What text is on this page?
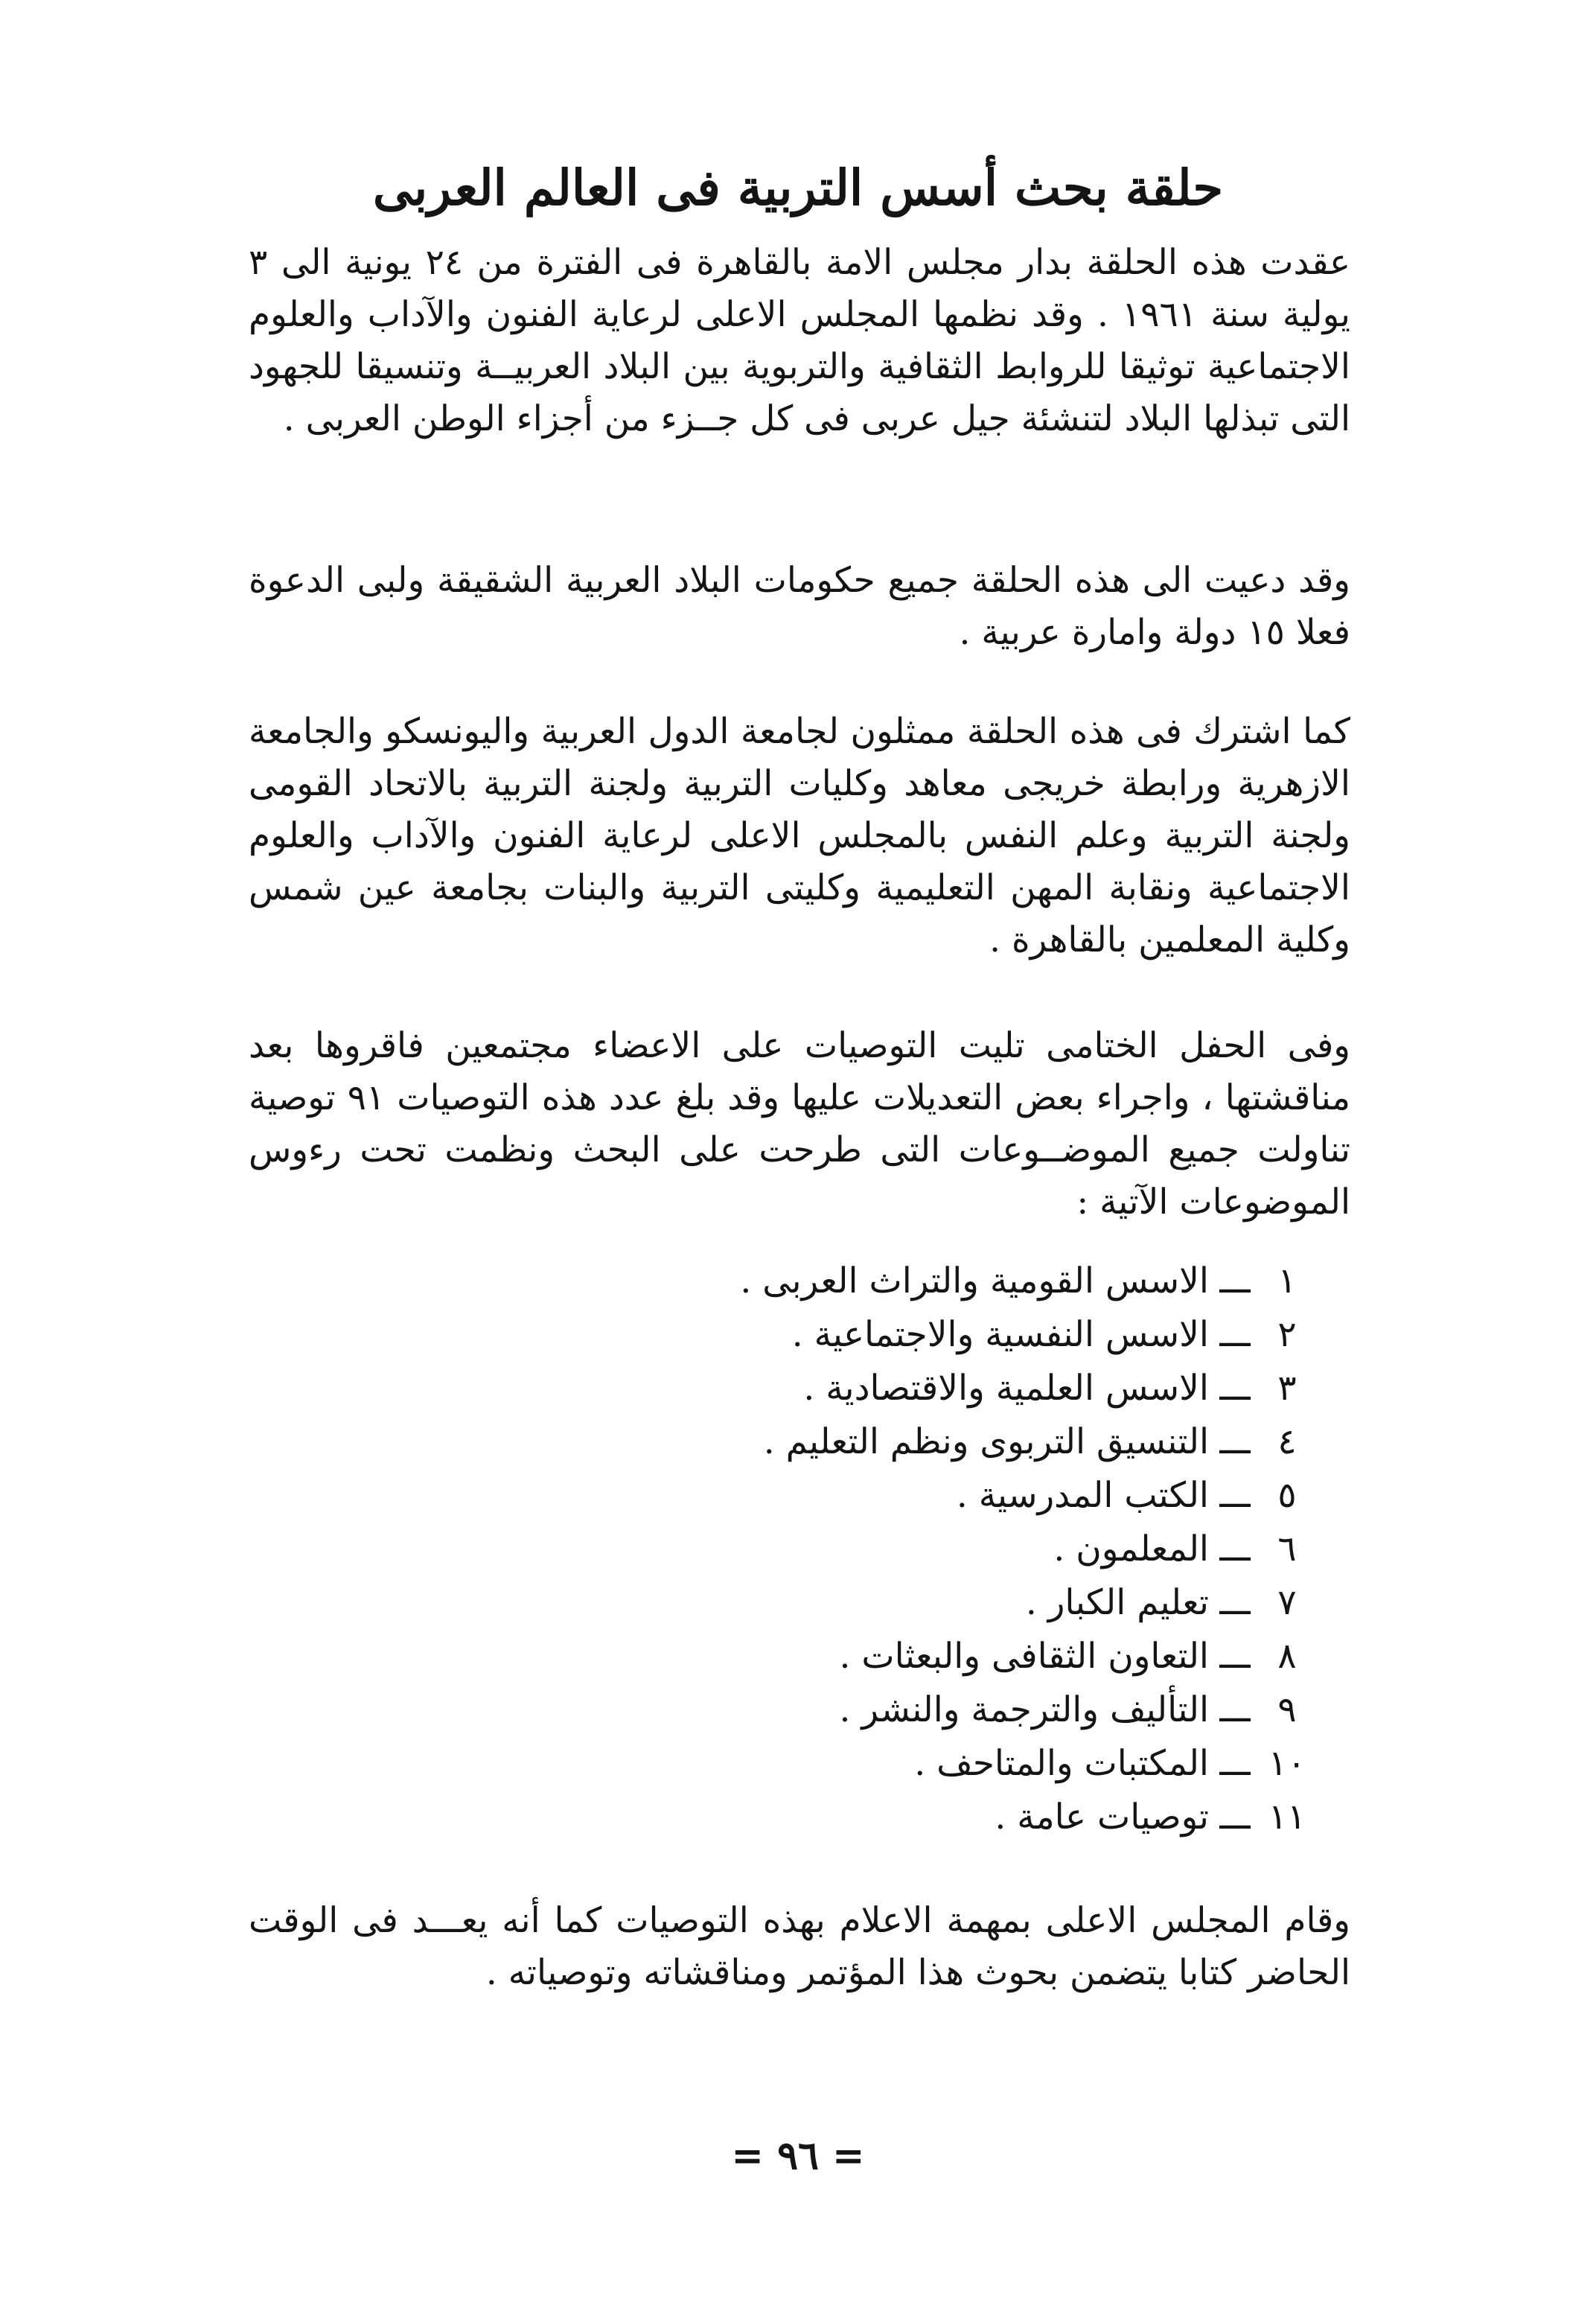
حلقة بحث أسس التربية فى العالم العربى

عقدت هذه الحلقة بدار مجلس الامة بالقاهرة فى الفترة من ٢٤ يونية الى ٣ يولية سنة ١٩٦١ . وقد نظمها المجلس الاعلى لرعاية الفنون والآداب والعلوم الاجتماعية توثيقا للروابط الثقافية والتربوية بين البلاد العربيــة وتنسيقا للجهود التى تبذلها البلاد لتنشئة جيل عربى فى كل جــزء من أجزاء الوطن العربى .

وقد دعيت الى هذه الحلقة جميع حكومات البلاد العربية الشقيقة ولبى الدعوة فعلا ١٥ دولة وامارة عربية .

كما اشترك فى هذه الحلقة ممثلون لجامعة الدول العربية واليونسكو والجامعة الازهرية ورابطة خريجى معاهد وكليات التربية ولجنة التربية بالاتحاد القومى ولجنة التربية وعلم النفس بالمجلس الاعلى لرعاية الفنون والآداب والعلوم الاجتماعية ونقابة المهن التعليمية وكليتى التربية والبنات بجامعة عين شمس وكلية المعلمين بالقاهرة .

وفى الحفل الختامى تليت التوصيات على الاعضاء مجتمعين فاقروها بعد مناقشتها ، واجراء بعض التعديلات عليها وقد بلغ عدد هذه التوصيات ٩١ توصية تناولت جميع الموضــوعات التى طرحت على البحث ونظمت تحت رءوس الموضوعات الآتية :

١
ـــ
الاسس القومية والتراث العربى .
٢
ـــ
الاسس النفسية والاجتماعية .
٣
ـــ
الاسس العلمية والاقتصادية .
٤
ـــ
التنسيق التربوى ونظم التعليم .
٥
ـــ
الكتب المدرسية .
٦
ـــ
المعلمون .
٧
ـــ
تعليم الكبار .
٨
ـــ
التعاون الثقافى والبعثات .
٩
ـــ
التأليف والترجمة والنشر .
١٠
ـــ
المكتبات والمتاحف .
١١
ـــ
توصيات عامة .

وقام المجلس الاعلى بمهمة الاعلام بهذه التوصيات كما أنه يعـــد فى الوقت الحاضر كتابا يتضمن بحوث هذا المؤتمر ومناقشاته وتوصياته .

= ٩٦ =
